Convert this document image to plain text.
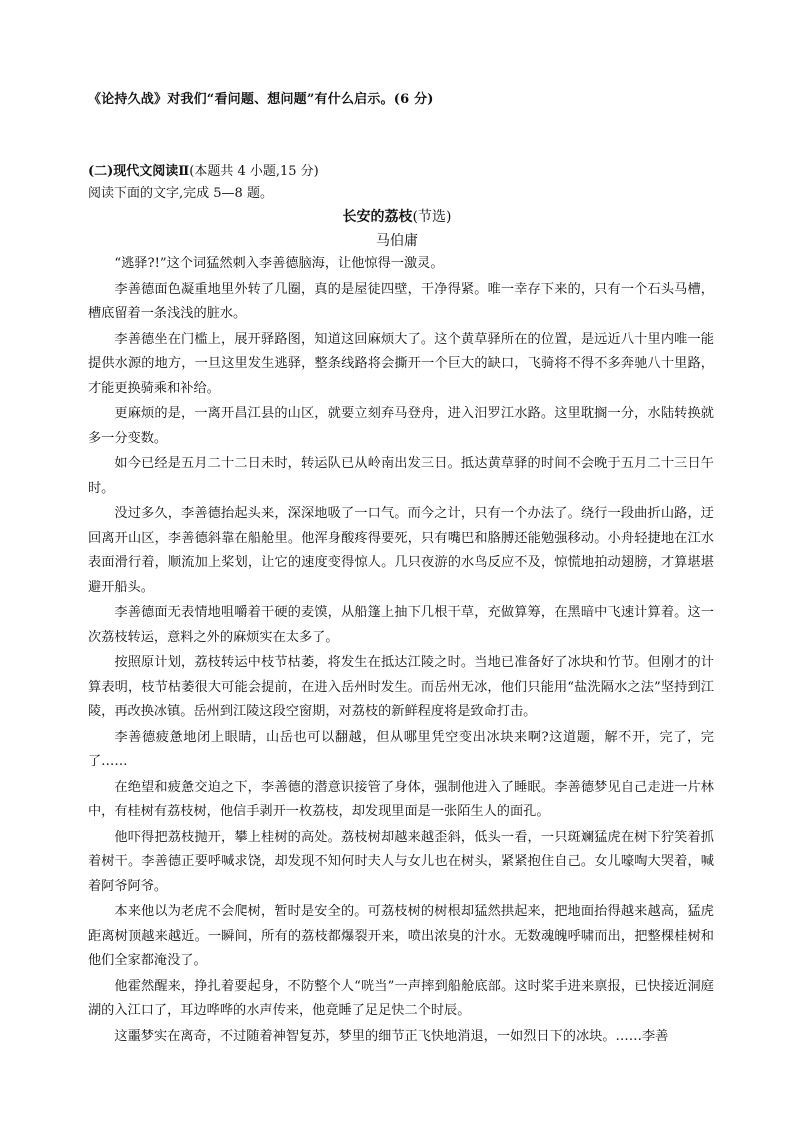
《论持久战》对我们“看问题、想问题”有什么启示。(6 分)
(二)现代文阅读Ⅱ(本题共 4 小题,15 分)
阅读下面的文字,完成 5—8 题。
长安的荔枝(节选)
马伯庸

“逃驿?!”这个词猛然刺入李善德脑海，让他惊得一激灵。

李善德面色凝重地里外转了几圈，真的是屋徒四壁，干净得紧。唯一幸存下来的，只有一个石头马槽，槽底留着一条浅浅的脏水。

李善德坐在门槛上，展开驿路图，知道这回麻烦大了。这个黄草驿所在的位置，是远近八十里内唯一能提供水源的地方，一旦这里发生逃驿，整条线路将会撕开一个巨大的缺口，飞骑将不得不多奔驰八十里路，才能更换骑乘和补给。

更麻烦的是，一离开昌江县的山区，就要立刻弃马登舟，进入汨罗江水路。这里耽搁一分，水陆转换就多一分变数。

如今已经是五月二十二日未时，转运队已从岭南出发三日。抵达黄草驿的时间不会晚于五月二十三日午时。

没过多久，李善德抬起头来，深深地吸了一口气。而今之计，只有一个办法了。绕行一段曲折山路，迂回离开山区，李善德斜靠在船舱里。他浑身酸疼得要死，只有嘴巴和胳膊还能勉强移动。小舟轻捷地在江水表面滑行着，顺流加上桨划，让它的速度变得惊人。几只夜游的水鸟反应不及，惊慌地拍动翅膀，才算堪堪避开船头。

李善德面无表情地咀嚼着干硬的麦馍，从船篷上抽下几根干草，充做算筹，在黑暗中飞速计算着。这一次荔枝转运，意料之外的麻烦实在太多了。

按照原计划，荔枝转运中枝节枯萎，将发生在抵达江陵之时。当地已准备好了冰块和竹节。但刚才的计算表明，枝节枯萎很大可能会提前，在进入岳州时发生。而岳州无冰，他们只能用“盐洗隔水之法”坚持到江陵，再改换冰镇。岳州到江陵这段空窗期，对荔枝的新鲜程度将是致命打击。

李善德疲惫地闭上眼睛，山岳也可以翻越，但从哪里凭空变出冰块来啊?这道题，解不开，完了，完了……

在绝望和疲惫交迫之下，李善德的潜意识接管了身体，强制他进入了睡眠。李善德梦见自己走进一片林中，有桂树有荔枝树，他信手剥开一枚荔枝，却发现里面是一张陌生人的面孔。

他吓得把荔枝抛开，攀上桂树的高处。荔枝树却越来越歪斜，低头一看，一只斑斓猛虎在树下狞笑着抓着树干。李善德正要呼喊求饶，却发现不知何时夫人与女儿也在树头，紧紧抱住自己。女儿嚎啕大哭着，喊着阿爷阿爷。

本来他以为老虎不会爬树，暂时是安全的。可荔枝树的树根却猛然拱起来，把地面抬得越来越高，猛虎距离树顶越来越近。一瞬间，所有的荔枝都爆裂开来，喷出浓臭的汁水。无数魂魄呼啸而出，把整棵桂树和他们全家都淹没了。

他霍然醒来，挣扎着要起身，不防整个人“咣当”一声摔到船舱底部。这时桨手进来禀报，已快接近洞庭湖的入江口了，耳边哗哗的水声传来，他竟睡了足足快二个时辰。

这噩梦实在离奇，不过随着神智复苏，梦里的细节正飞快地消退，一如烈日下的冰块。……李善
